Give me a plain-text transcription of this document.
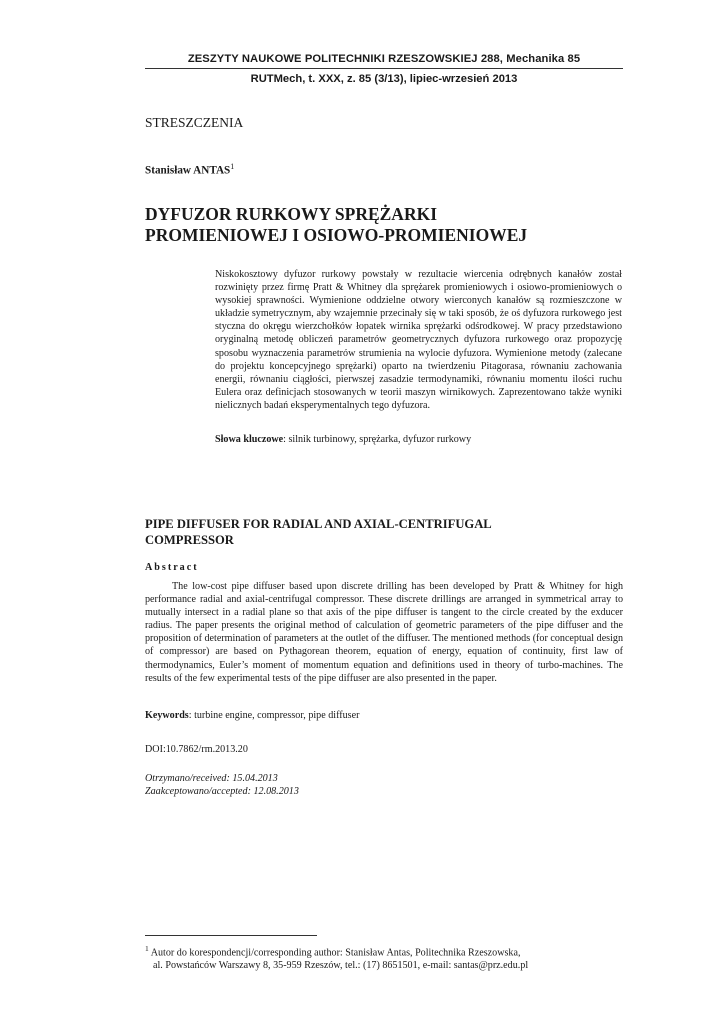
ZESZYTY NAUKOWE POLITECHNIKI RZESZOWSKIEJ 288, Mechanika 85
RUTMech, t. XXX, z. 85 (3/13), lipiec-wrzesień 2013
STRESZCZENIA
Stanisław ANTAS$^1$
DYFUZOR RURKOWY SPRĘŻARKI
PROMIENIOWEJ I OSIOWO-PROMIENIOWEJ
Niskokosztowy dyfuzor rurkowy powstały w rezultacie wiercenia odrębnych kanałów został rozwinięty przez firmę Pratt & Whitney dla sprężarek promieniowych i osiowo-promieniowych o wysokiej sprawności. Wymienione oddzielne otwory wierconych kanałów są rozmieszczone w układzie symetrycznym, aby wzajemnie przecinały się w taki sposób, że oś dyfuzora rurkowego jest styczna do okręgu wierzchołków łopatek wirnika sprężarki odśrodkowej. W pracy przedstawiono oryginalną metodę obliczeń parametrów geometrycznych dyfuzora rurkowego oraz propozycję sposobu wyznaczenia parametrów strumienia na wylocie dyfuzora. Wymienione metody (zalecane do projektu koncepcyjnego sprężarki) oparto na twierdzeniu Pitagorasa, równaniu zachowania energii, równaniu ciągłości, pierwszej zasadzie termodynamiki, równaniu momentu ilości ruchu Eulera oraz definicjach stosowanych w teorii maszyn wirnikowych. Zaprezentowano także wyniki nielicznych badań eksperymentalnych tego dyfuzora.
Słowa kluczowe: silnik turbinowy, sprężarka, dyfuzor rurkowy
PIPE DIFFUSER FOR RADIAL AND AXIAL-CENTRIFUGAL
COMPRESSOR
Abstract
The low-cost pipe diffuser based upon discrete drilling has been developed by Pratt & Whitney for high performance radial and axial-centrifugal compressor. These discrete drillings are arranged in symmetrical array to mutually intersect in a radial plane so that axis of the pipe diffuser is tangent to the circle created by the exducer radius. The paper presents the original method of calculation of geometric parameters of the pipe diffuser and the proposition of determination of parameters at the outlet of the diffuser. The mentioned methods (for conceptual design of compressor) are based on Pythagorean theorem, equation of energy, equation of continuity, first law of thermodynamics, Euler’s moment of momentum equation and definitions used in theory of turbo-machines. The results of the few experimental tests of the pipe diffuser are also presented in the paper.
Keywords: turbine engine, compressor, pipe diffuser
DOI:10.7862/rm.2013.20
Otrzymano/received: 15.04.2013
Zaakceptowano/accepted: 12.08.2013
$^1$ Autor do korespondencji/corresponding author: Stanisław Antas, Politechnika Rzeszowska,
al. Powstańców Warszawy 8, 35-959 Rzeszów, tel.: (17) 8651501, e-mail: santas@prz.edu.pl
